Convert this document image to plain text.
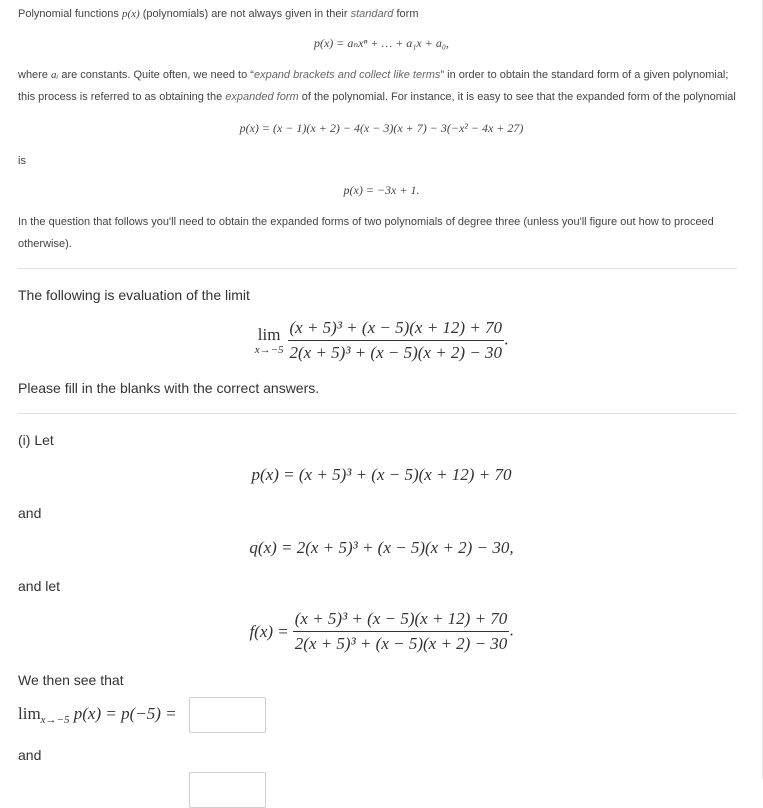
Polynomial functions p(x) (polynomials) are not always given in their standard form
p(x) = aₙxⁿ + … + a₁x + a₀,
where aᵢ are constants. Quite often, we need to “expand brackets and collect like terms” in order to obtain the standard form of a given polynomial;
this process is referred to as obtaining the expanded form of the polynomial. For instance, it is easy to see that the expanded form of the polynomial
p(x) = (x − 1)(x + 2) − 4(x − 3)(x + 7) − 3(−x² − 4x + 27)
is
p(x) = −3x + 1.
In the question that follows you'll need to obtain the expanded forms of two polynomials of degree three (unless you'll figure out how to proceed
otherwise).
The following is evaluation of the limit
lim
$x\to-5 \frac{\text{(x + 5)³ + (x − 5)(x + 12) + 70}}{\text{2(x + 5)³ + (x − 5)(x + 2) − 30}}$ .
Please fill in the blanks with the correct answers.
(i) Let
p(x) = (x + 5)³ + (x − 5)(x + 12) + 70
and
q(x) = 2(x + 5)³ + (x − 5)(x + 2) − 30,
and let
$f(x) = \frac{\text{(x + 5)³ + (x − 5)(x + 12) + 70}}{\text{2(x + 5)³ + (x − 5)(x + 2) − 30}}$ .
We then see that
$\lim_{x\to-5} p(x) = p(-5)$ =
and
